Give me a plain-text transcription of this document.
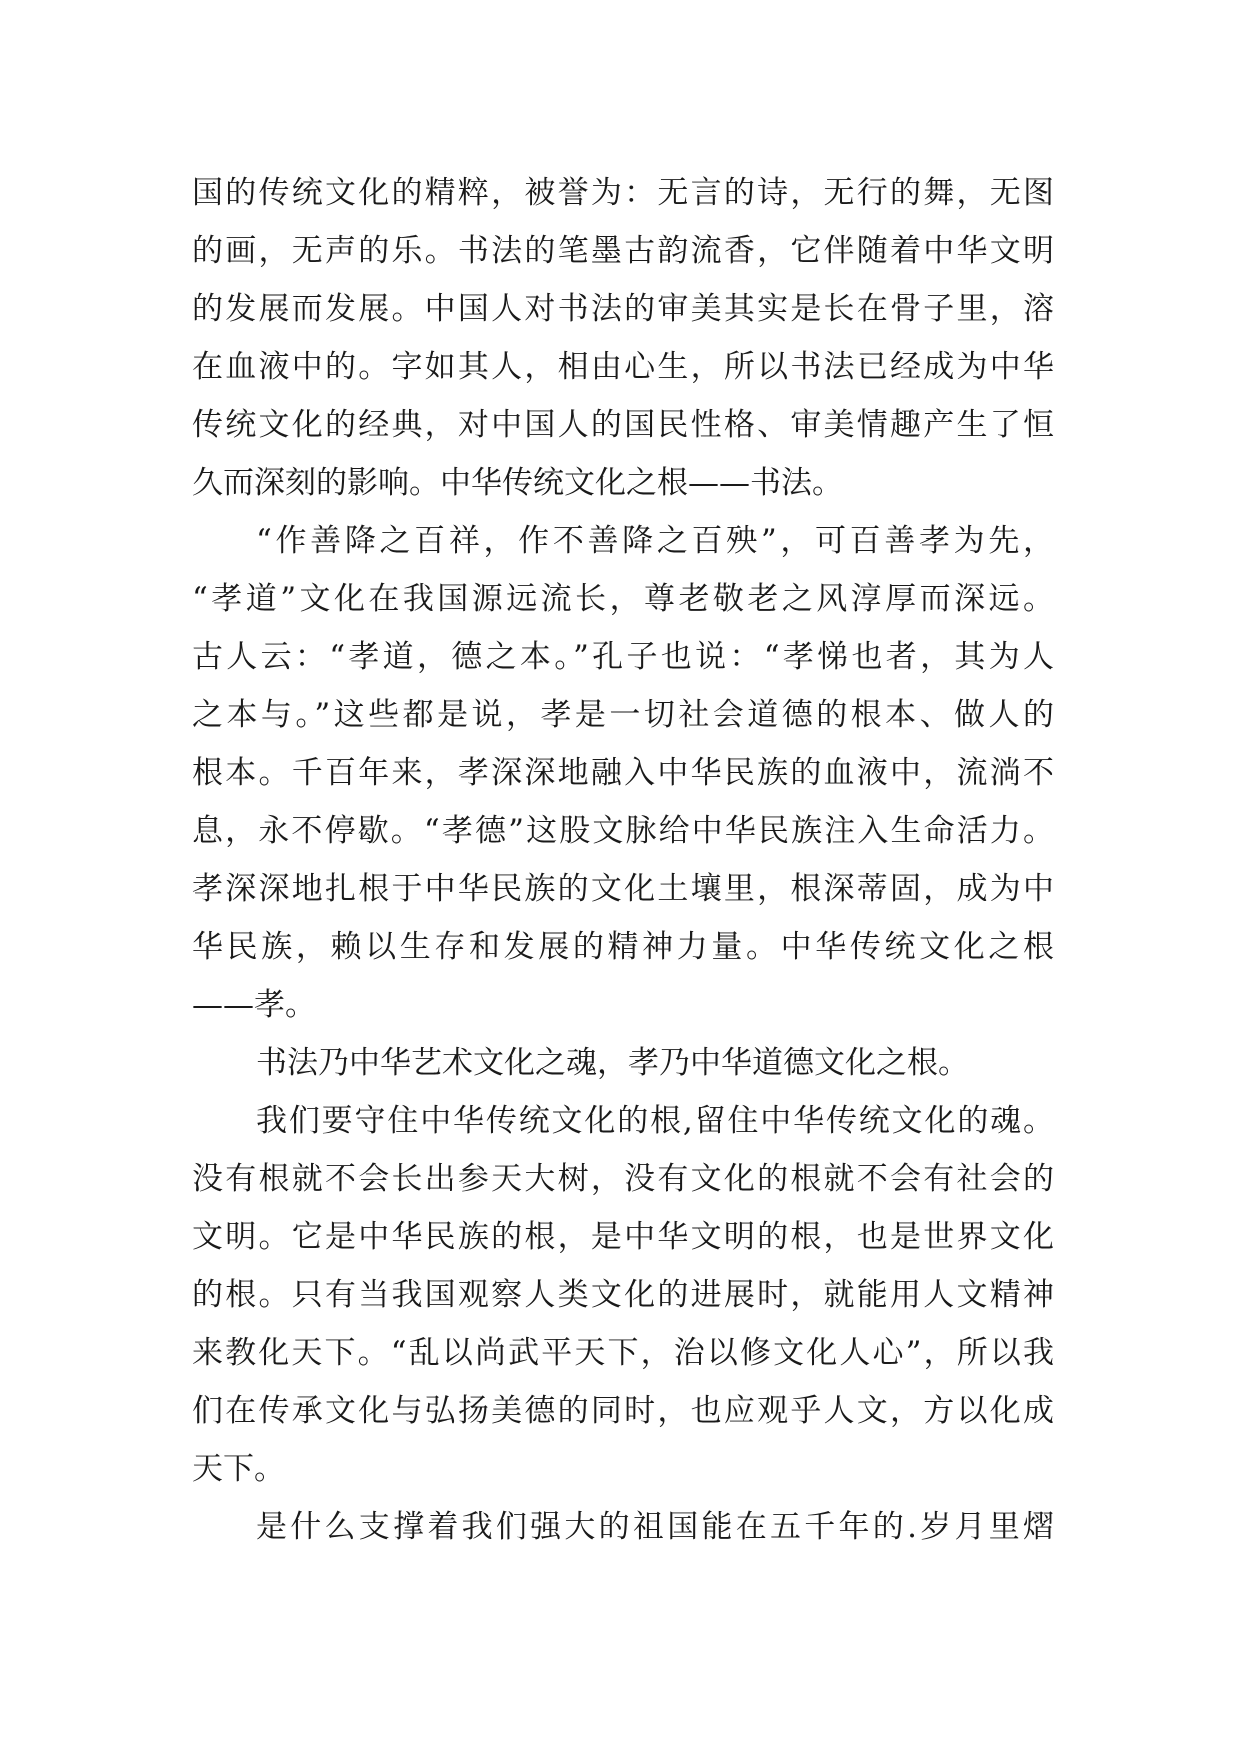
国的传统文化的精粹，被誉为：无言的诗，无行的舞，无图
的画，无声的乐。书法的笔墨古韵流香，它伴随着中华文明
的发展而发展。中国人对书法的审美其实是长在骨子里，溶
在血液中的。字如其人，相由心生，所以书法已经成为中华
传统文化的经典，对中国人的国民性格、审美情趣产生了恒
久而深刻的影响。中华传统文化之根——书法。
“作善降之百祥，作不善降之百殃”，可百善孝为先，
“孝道”文化在我国源远流长，尊老敬老之风淳厚而深远。
古人云：“孝道，德之本。”孔子也说：“孝悌也者，其为人
之本与。”这些都是说，孝是一切社会道德的根本、做人的
根本。千百年来，孝深深地融入中华民族的血液中，流淌不
息，永不停歇。“孝德”这股文脉给中华民族注入生命活力。
孝深深地扎根于中华民族的文化土壤里，根深蒂固，成为中
华民族，赖以生存和发展的精神力量。中华传统文化之根
——孝。
书法乃中华艺术文化之魂，孝乃中华道德文化之根。
我们要守住中华传统文化的根,留住中华传统文化的魂。
没有根就不会长出参天大树，没有文化的根就不会有社会的
文明。它是中华民族的根，是中华文明的根，也是世界文化
的根。只有当我国观察人类文化的进展时，就能用人文精神
来教化天下。“乱以尚武平天下，治以修文化人心”，所以我
们在传承文化与弘扬美德的同时，也应观乎人文，方以化成
天下。
是什么支撑着我们强大的祖国能在五千年的.岁月里熠
